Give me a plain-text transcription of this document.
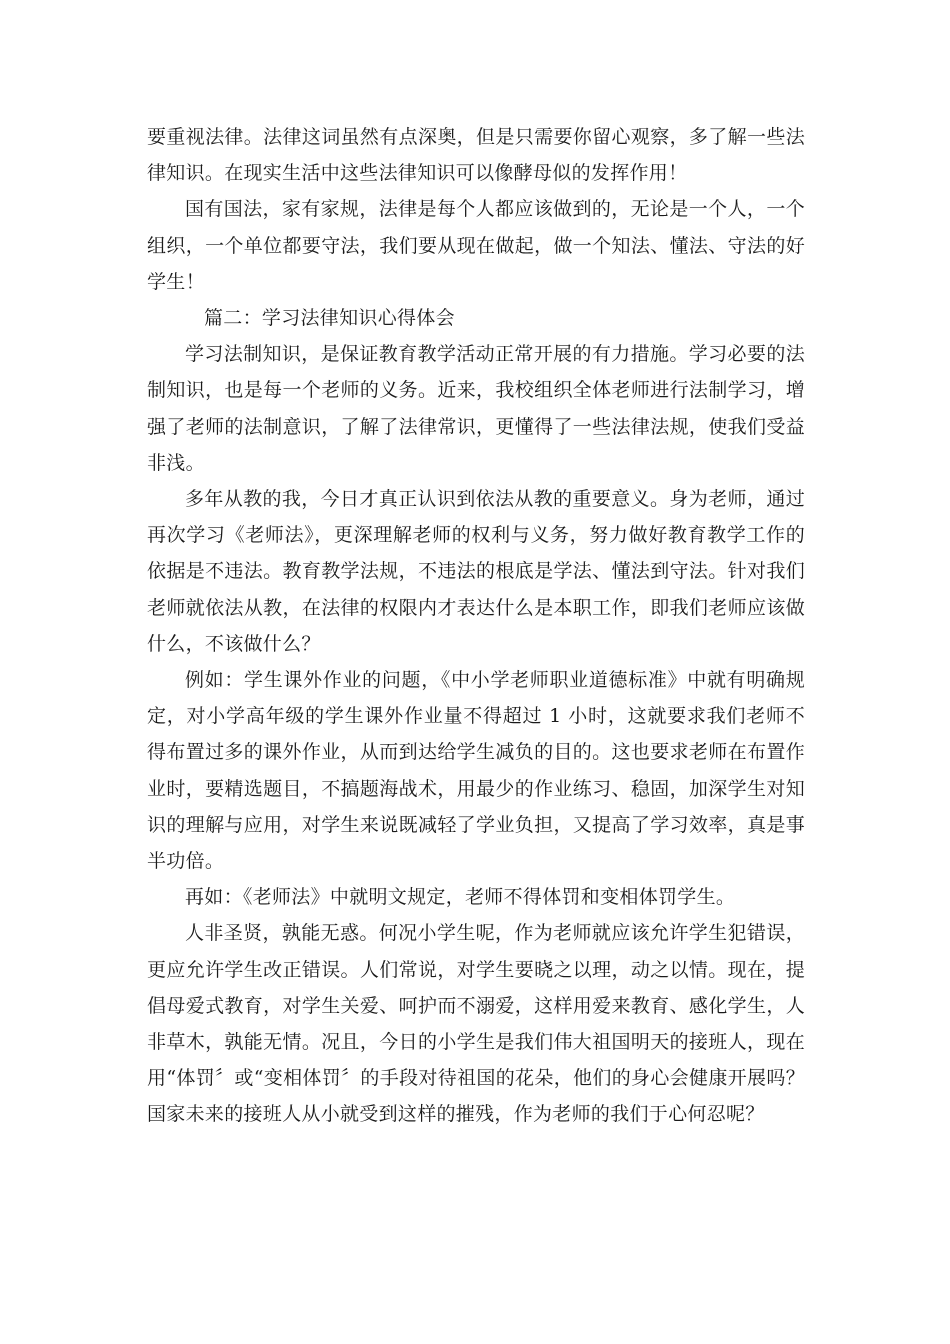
要重视法律。法律这词虽然有点深奥，但是只需要你留心观察，多了解一些法律知识。在现实生活中这些法律知识可以像酵母似的发挥作用！

国有国法，家有家规，法律是每个人都应该做到的，无论是一个人，一个组织，一个单位都要守法，我们要从现在做起，做一个知法、懂法、守法的好学生！

篇二：学习法律知识心得体会

学习法制知识，是保证教育教学活动正常开展的有力措施。学习必要的法制知识，也是每一个老师的义务。近来，我校组织全体老师进行法制学习，增强了老师的法制意识，了解了法律常识，更懂得了一些法律法规，使我们受益非浅。

多年从教的我，今日才真正认识到依法从教的重要意义。身为老师，通过再次学习《老师法》，更深理解老师的权利与义务，努力做好教育教学工作的依据是不违法。教育教学法规，不违法的根底是学法、懂法到守法。针对我们老师就依法从教，在法律的权限内才表达什么是本职工作，即我们老师应该做什么，不该做什么？

例如：学生课外作业的问题，《中小学老师职业道德标准》中就有明确规定，对小学高年级的学生课外作业量不得超过 1 小时，这就要求我们老师不得布置过多的课外作业，从而到达给学生减负的目的。这也要求老师在布置作业时，要精选题目，不搞题海战术，用最少的作业练习、稳固，加深学生对知识的理解与应用，对学生来说既减轻了学业负担，又提高了学习效率，真是事半功倍。

再如：《老师法》中就明文规定，老师不得体罚和变相体罚学生。

人非圣贤，孰能无惑。何况小学生呢，作为老师就应该允许学生犯错误，更应允许学生改正错误。人们常说，对学生要晓之以理，动之以情。现在，提倡母爱式教育，对学生关爱、呵护而不溺爱，这样用爱来教育、感化学生，人非草木，孰能无情。况且，今日的小学生是我们伟大祖国明天的接班人，现在用“体罚〞或“变相体罚〞的手段对待祖国的花朵，他们的身心会健康开展吗？国家未来的接班人从小就受到这样的摧残，作为老师的我们于心何忍呢？
